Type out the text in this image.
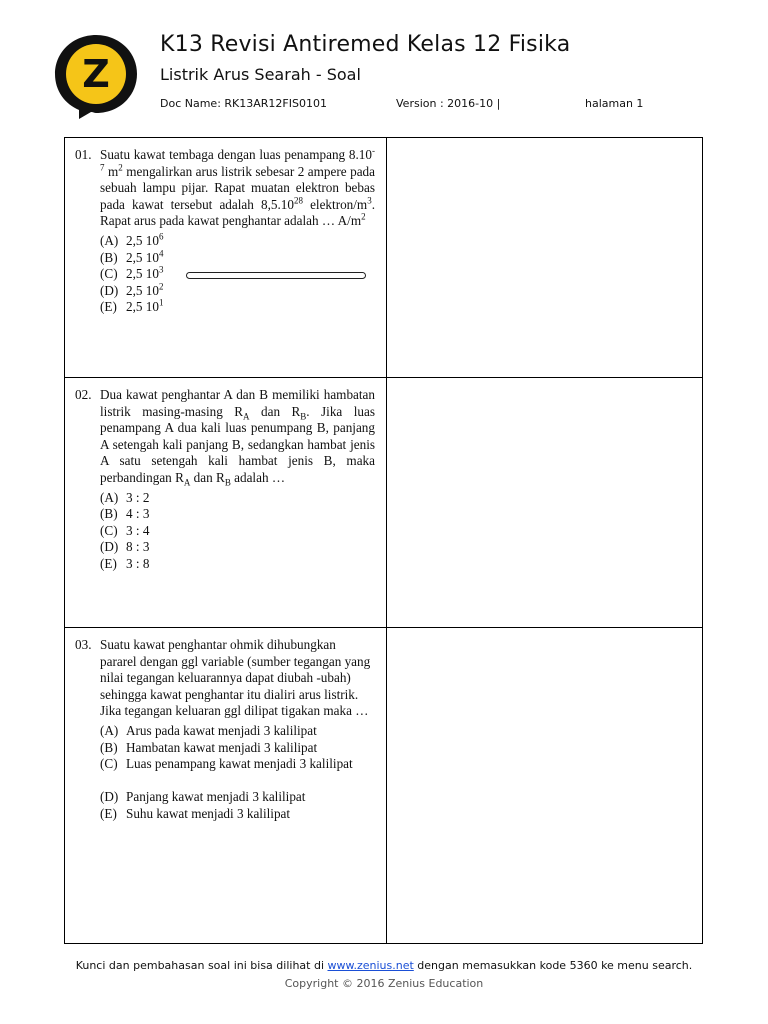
Z
K13 Revisi Antiremed Kelas 12 Fisika
Listrik Arus Searah - Soal
Doc Name: RK13AR12FIS0101	Version : 2016-10 |	halaman 1
01. Suatu kawat tembaga dengan luas penampang $8.10^{-7}$ $m^2$ mengalirkan arus listrik sebesar 2 ampere pada sebuah lampu pijar. Rapat muatan elektron bebas pada kawat tersebut adalah 8,5.10$^{28}$ elektron/$m^3$. Rapat arus pada kawat penghantar adalah … $A/m^2$
(A) 2,5 $10^6$
(B) 2,5 $10^4$
(C) 2,5 $10^3$
(D) 2,5 $10^2$
(E) 2,5 $10^1$
02. Dua kawat penghantar A dan B memiliki hambatan listrik masing-masing $R_A$ dan $R_B$. Jika luas penampang A dua kali luas penumpang B, panjang A setengah kali panjang B, sedangkan hambat jenis A satu setengah kali hambat jenis B, maka perbandingan $R_A$ dan $R_B$ adalah …
(A) 3 : 2
(B) 4 : 3
(C) 3 : 4
(D) 8 : 3
(E) 3 : 8
03. Suatu kawat penghantar ohmik dihubungkan pararel dengan ggl variable (sumber tegangan yang nilai tegangan keluarannya dapat diubah -ubah) sehingga kawat penghantar itu dialiri arus listrik. Jika tegangan keluaran ggl dilipat tigakan maka …
(A) Arus pada kawat menjadi 3 kalilipat
(B) Hambatan kawat menjadi 3 kalilipat
(C) Luas penampang kawat menjadi 3 kalilipat
(D) Panjang kawat menjadi 3 kalilipat
(E) Suhu kawat menjadi 3 kalilipat
Kunci dan pembahasan soal ini bisa dilihat di www.zenius.net dengan memasukkan kode 5360 ke menu search.
Copyright © 2016 Zenius Education
